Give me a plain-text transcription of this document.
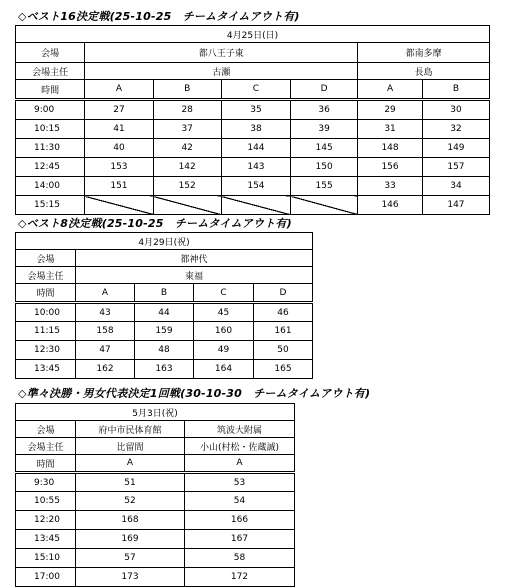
◇ベスト16決定戦(25-10-25　チームタイムアウト有)
4月25日(日)						
会場	都八王子東				都南多摩	
会場主任	古瀬				長島	
時間	A	B	C	D	A	B
9:00	27	28	35	36	29	30
10:15	41	37	38	39	31	32
11:30	40	42	144	145	148	149
12:45	153	142	143	150	156	157
14:00	151	152	154	155	33	34
15:15					146	147
◇ベスト8決定戦(25-10-25　チームタイムアウト有)
4月29日(祝)				
会場	都神代			
会場主任	東福			
時間	A	B	C	D
10:00	43	44	45	46
11:15	158	159	160	161
12:30	47	48	49	50
13:45	162	163	164	165
◇準々決勝・男女代表決定1回戦(30-10-30　チームタイムアウト有)
5月3日(祝)		
会場	府中市民体育館	筑波大附属
会場主任	比留間	小山(村松・佐蔵誠)
時間	A	A
9:30	51	53
10:55	52	54
12:20	168	166
13:45	169	167
15:10	57	58
17:00	173	172
